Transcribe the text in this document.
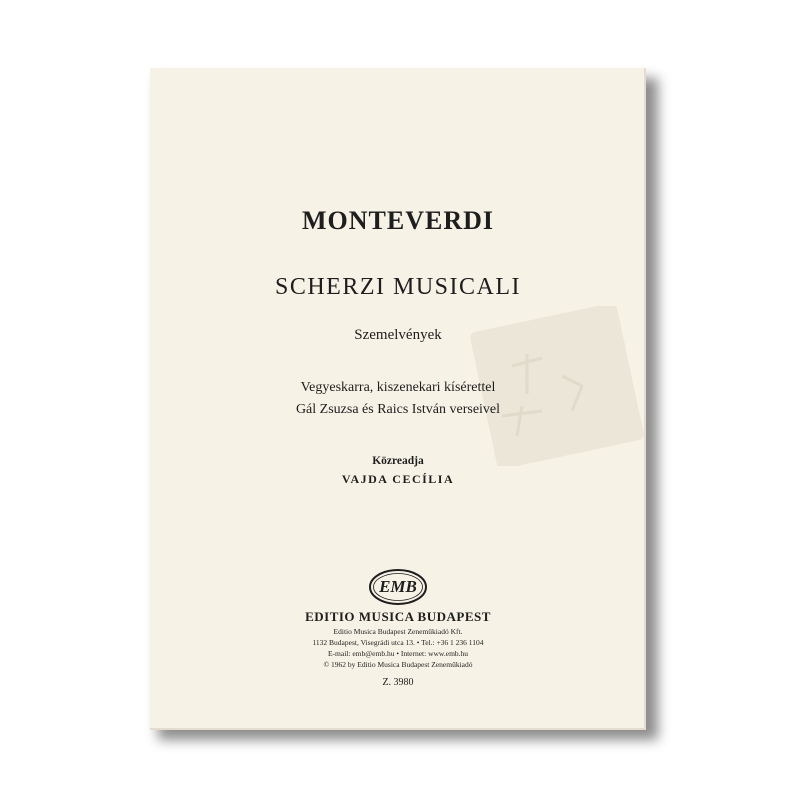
MONTEVERDI
SCHERZI MUSICALI
Szemelvények
Vegyeskarra, kiszenekari kísérettel
Gál Zsuzsa és Raics István verseivel
Közreadja
VAJDA CECÍLIA
EMB
EDITIO MUSICA BUDAPEST
Editio Musica Budapest Zeneműkiadó Kft.
1132 Budapest, Visegrádi utca 13. • Tel.: +36 1 236 1104
E-mail: emb@emb.hu • Internet: www.emb.hu
© 1962 by Editio Musica Budapest Zeneműkiadó
Z. 3980
